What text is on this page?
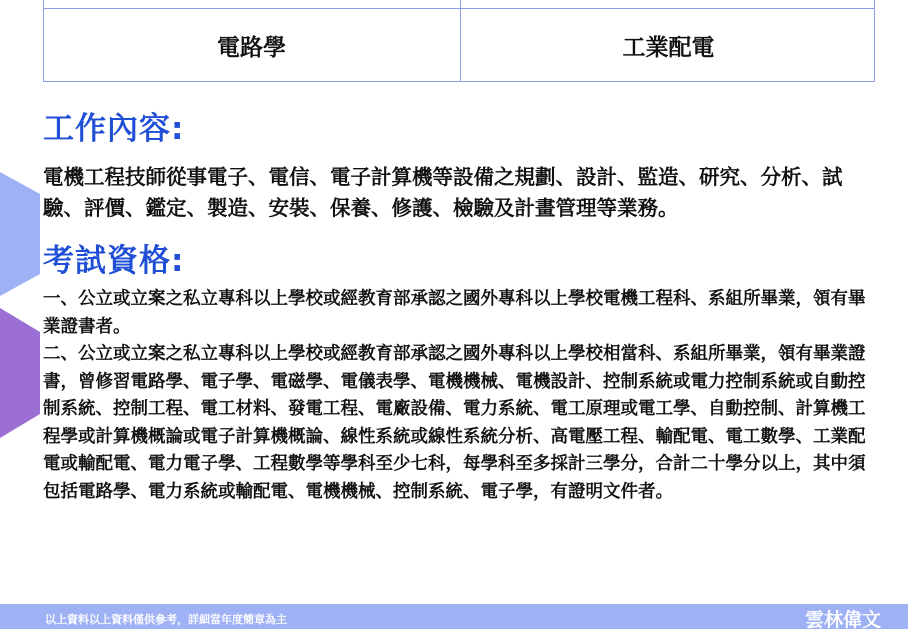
電路學	工業配電
工作內容:

電機工程技師從事電子、電信、電子計算機等設備之規劃、設計、監造、研究、分析、試驗、評價、鑑定、製造、安裝、保養、修護、檢驗及計畫管理等業務。

考試資格:

一、公立或立案之私立專科以上學校或經教育部承認之國外專科以上學校電機工程科、系組所畢業，領有畢業證書者。

二、公立或立案之私立專科以上學校或經教育部承認之國外專科以上學校相當科、系組所畢業，領有畢業證書，曾修習電路學、電子學、電磁學、電儀表學、電機機械、電機設計、控制系統或電力控制系統或自動控制系統、控制工程、電工材料、發電工程、電廠設備、電力系統、電工原理或電工學、自動控制、計算機工程學或計算機概論或電子計算機概論、線性系統或線性系統分析、高電壓工程、輸配電、電工數學、工業配電或輸配電、電力電子學、工程數學等學科至少七科，每學科至多採計三學分，合計二十學分以上，其中須包括電路學、電力系統或輸配電、電機機械、控制系統、電子學，有證明文件者。

以上資料以上資料僅供參考，詳細當年度簡章為主	雲林偉文
